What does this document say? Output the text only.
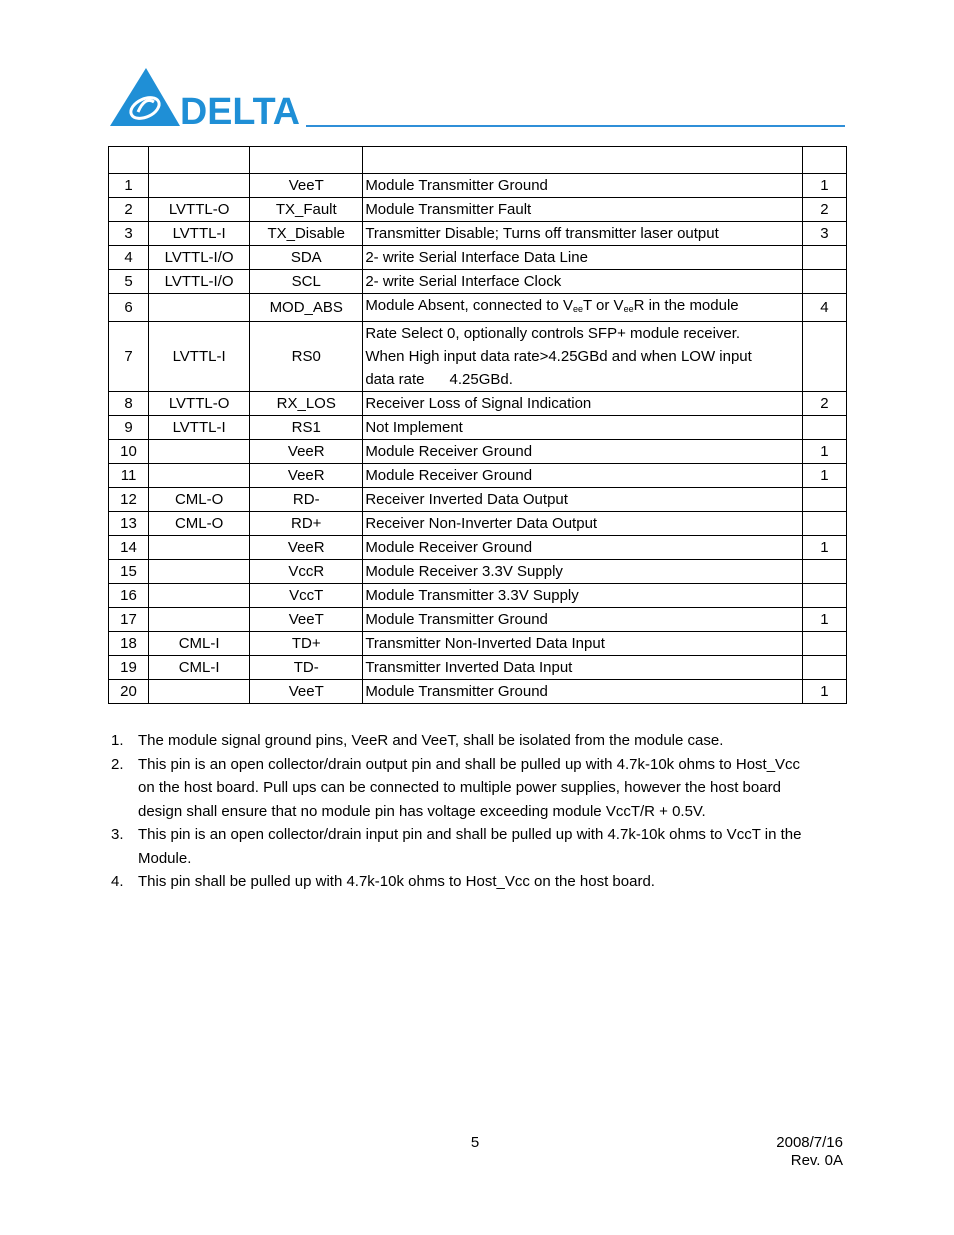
DELTA

1		VeeT	Module Transmitter Ground	1
2	LVTTL-O	TX_Fault	Module Transmitter Fault	2
3	LVTTL-I	TX_Disable	Transmitter Disable; Turns off transmitter laser output	3
4	LVTTL-I/O	SDA	2- write Serial Interface Data Line	
5	LVTTL-I/O	SCL	2- write Serial Interface Clock	
6		MOD_ABS	Module Absent, connected to $V_{ee}T$ or $V_{ee}R$ in the module	4
7	LVTTL-I	RS0	Rate Select 0, optionally controls SFP+ module receiver.
When High input data rate>4.25GBd and when LOW input
data rate      4.25GBd.	

8	LVTTL-O	RX_LOS	Receiver Loss of Signal Indication	2
9	LVTTL-I	RS1	Not Implement	
10		VeeR	Module Receiver Ground	1
11		VeeR	Module Receiver Ground	1
12	CML-O	RD-	Receiver Inverted Data Output	
13	CML-O	RD+	Receiver Non-Inverter Data Output	
14		VeeR	Module Receiver Ground	1
15		VccR	Module Receiver 3.3V Supply	
16		VccT	Module Transmitter 3.3V Supply	
17		VeeT	Module Transmitter Ground	1
18	CML-I	TD+	Transmitter Non-Inverted Data Input	
19	CML-I	TD-	Transmitter Inverted Data Input	
20		VeeT	Module Transmitter Ground	1
1. The module signal ground pins, VeeR and VeeT, shall be isolated from the module case.
2. This pin is an open collector/drain output pin and shall be pulled up with 4.7k-10k ohms to Host_Vcc
on the host board. Pull ups can be connected to multiple power supplies, however the host board
design shall ensure that no module pin has voltage exceeding module VccT/R + 0.5V.
3. This pin is an open collector/drain input pin and shall be pulled up with 4.7k-10k ohms to VccT in the
Module.
4. This pin shall be pulled up with 4.7k-10k ohms to Host_Vcc on the host board.
5	2008/7/16
Rev. 0A
